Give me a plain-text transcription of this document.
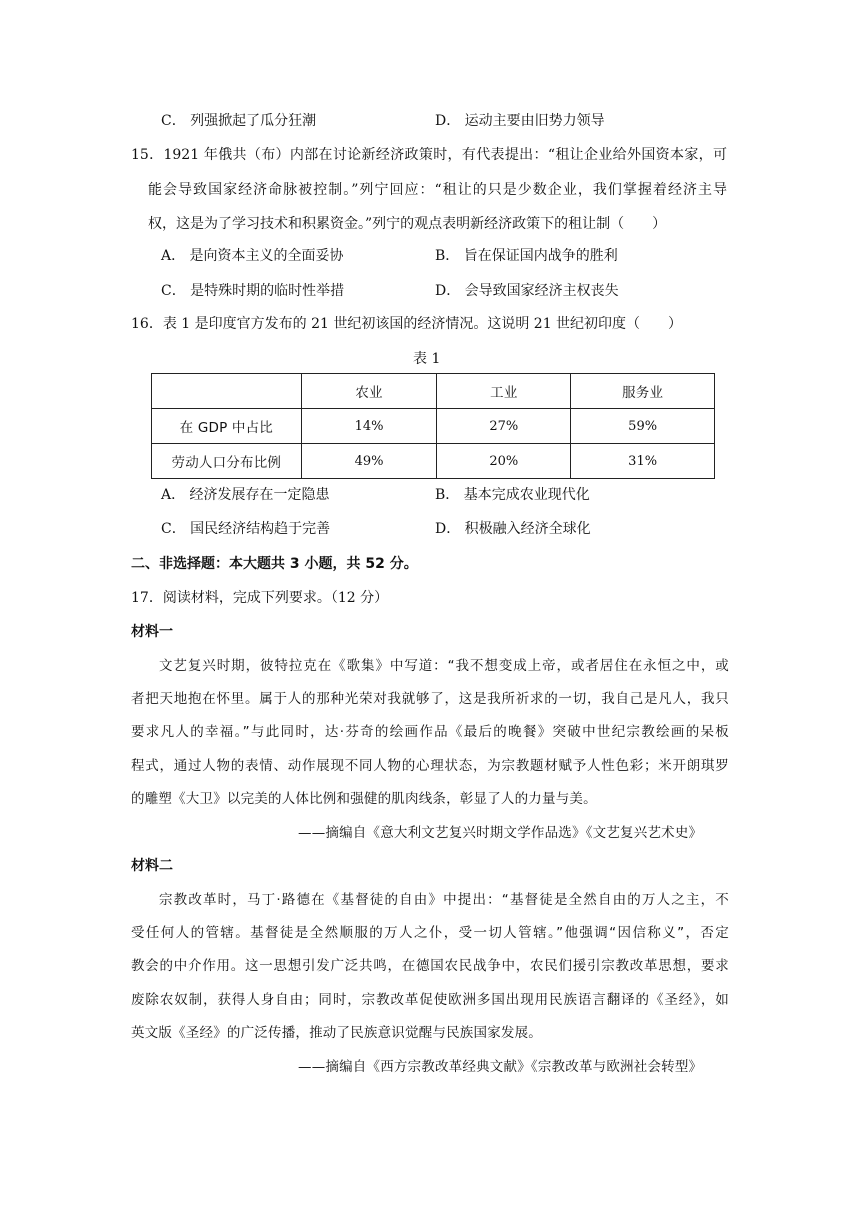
C． 列强掀起了瓜分狂潮	D． 运动主要由旧势力领导
15．1921 年俄共（布）内部在讨论新经济政策时，有代表提出：“租让企业给外国资本家，可
能会导致国家经济命脉被控制。”列宁回应：“租让的只是少数企业，我们掌握着经济主导
权，这是为了学习技术和积累资金。”列宁的观点表明新经济政策下的租让制（　　）
A． 是向资本主义的全面妥协	B． 旨在保证国内战争的胜利
C． 是特殊时期的临时性举措	D． 会导致国家经济主权丧失
16．表 1 是印度官方发布的 21 世纪初该国的经济情况。这说明 21 世纪初印度（　　）
表 1
	农业	工业	服务业
在 GDP 中占比	14%	27%	59%
劳动人口分布比例	49%	20%	31%
A． 经济发展存在一定隐患	B． 基本完成农业现代化
C． 国民经济结构趋于完善	D． 积极融入经济全球化
二、非选择题：本大题共 3 小题，共 52 分。
17．阅读材料，完成下列要求。（12 分）
材料一
文艺复兴时期，彼特拉克在《歌集》中写道：“我不想变成上帝，或者居住在永恒之中，或
者把天地抱在怀里。属于人的那种光荣对我就够了，这是我所祈求的一切，我自己是凡人，我只
要求凡人的幸福。”与此同时，达·芬奇的绘画作品《最后的晚餐》突破中世纪宗教绘画的呆板
程式，通过人物的表情、动作展现不同人物的心理状态，为宗教题材赋予人性色彩；米开朗琪罗
的雕塑《大卫》以完美的人体比例和强健的肌肉线条，彰显了人的力量与美。
——摘编自《意大利文艺复兴时期文学作品选》《文艺复兴艺术史》
材料二
宗教改革时，马丁·路德在《基督徒的自由》中提出：“基督徒是全然自由的万人之主，不
受任何人的管辖。基督徒是全然顺服的万人之仆，受一切人管辖。”他强调“因信称义”，否定
教会的中介作用。这一思想引发广泛共鸣，在德国农民战争中，农民们援引宗教改革思想，要求
废除农奴制，获得人身自由；同时，宗教改革促使欧洲多国出现用民族语言翻译的《圣经》，如
英文版《圣经》的广泛传播，推动了民族意识觉醒与民族国家发展。
——摘编自《西方宗教改革经典文献》《宗教改革与欧洲社会转型》
